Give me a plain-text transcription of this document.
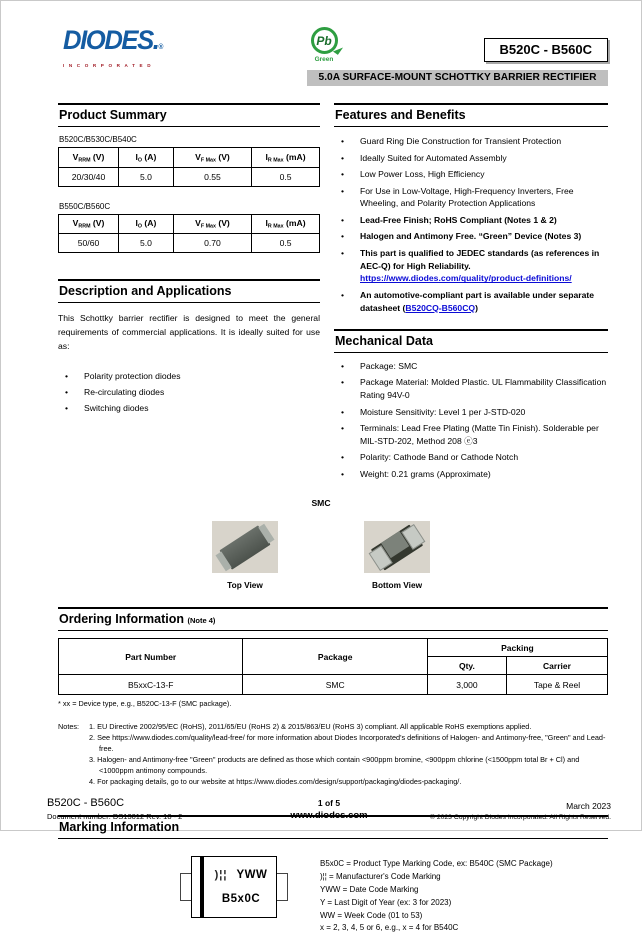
DIODES.®
INCORPORATED
Pb
Green
B520C - B560C
5.0A SURFACE-MOUNT SCHOTTKY BARRIER RECTIFIER
Product Summary
B520C/B530C/B540C
$V_{RRM}$ (V)	$I_O$ (A)	$V_{F Max}$ (V)	$I_{R Max}$ (mA)
20/30/40	5.0	0.55	0.5
B550C/B560C
$V_{RRM}$ (V)	$I_O$ (A)	$V_{F Max}$ (V)	$I_{R Max}$ (mA)
50/60	5.0	0.70	0.5
Description and Applications

This Schottky barrier rectifier is designed to meet the general requirements of commercial applications. It is ideally suited for use as:

• Polarity protection diodes
• Re-circulating diodes
• Switching diodes
Features and Benefits
• Guard Ring Die Construction for Transient Protection
• Ideally Suited for Automated Assembly
• Low Power Loss, High Efficiency
• For Use in Low-Voltage, High-Frequency Inverters, Free Wheeling, and Polarity Protection Applications
• Lead-Free Finish; RoHS Compliant (Notes 1 & 2)
• Halogen and Antimony Free. “Green” Device (Notes 3)
• This part is qualified to JEDEC standards (as references in AEC-Q) for High Reliability.
https://www.diodes.com/quality/product-definitions/
• An automotive-compliant part is available under separate datasheet (B520CQ-B560CQ)
Mechanical Data
• Package: SMC
• Package Material: Molded Plastic. UL Flammability Classification Rating 94V-0
• Moisture Sensitivity: Level 1 per J-STD-020
• Terminals: Lead Free Plating (Matte Tin Finish). Solderable per MIL-STD-202, Method 208 ⓔ3
• Polarity: Cathode Band or Cathode Notch
• Weight: 0.21 grams (Approximate)
SMC
Top View	Bottom View
Ordering Information (Note 4)
Part Number	Package	Packing	
		Qty.	Carrier
B5xxC-13-F	SMC	3,000	Tape & Reel
* xx = Device type, e.g., B520C-13-F (SMC package).
Notes:	1. EU Directive 2002/95/EC (RoHS), 2011/65/EU (RoHS 2) & 2015/863/EU (RoHS 3) compliant. All applicable RoHS exemptions applied.
2. See https://www.diodes.com/quality/lead-free/ for more information about Diodes Incorporated's definitions of Halogen- and Antimony-free, "Green" and Lead-free.
3. Halogen- and Antimony-free "Green" products are defined as those which contain <900ppm bromine, <900ppm chlorine (<1500ppm total Br + Cl) and <1000ppm antimony compounds.
4. For packaging details, go to our website at https://www.diodes.com/design/support/packaging/diodes-packaging/.
Marking Information
)¦¦ YWW
B5x0C
B5x0C = Product Type Marking Code, ex: B540C (SMC Package)
)¦¦ = Manufacturer's Code Marking
YWW = Date Code Marking
Y = Last Digit of Year (ex: 3 for 2023)
WW = Week Code (01 to 53)
x = 2, 3, 4, 5 or 6, e.g., x = 4 for B540C
B520C - B560C
Document number: DS13012 Rev. 18 - 2
1 of 5
www.diodes.com
March 2023
© 2023 Copyright Diodes Incorporated. All Rights Reserved.
